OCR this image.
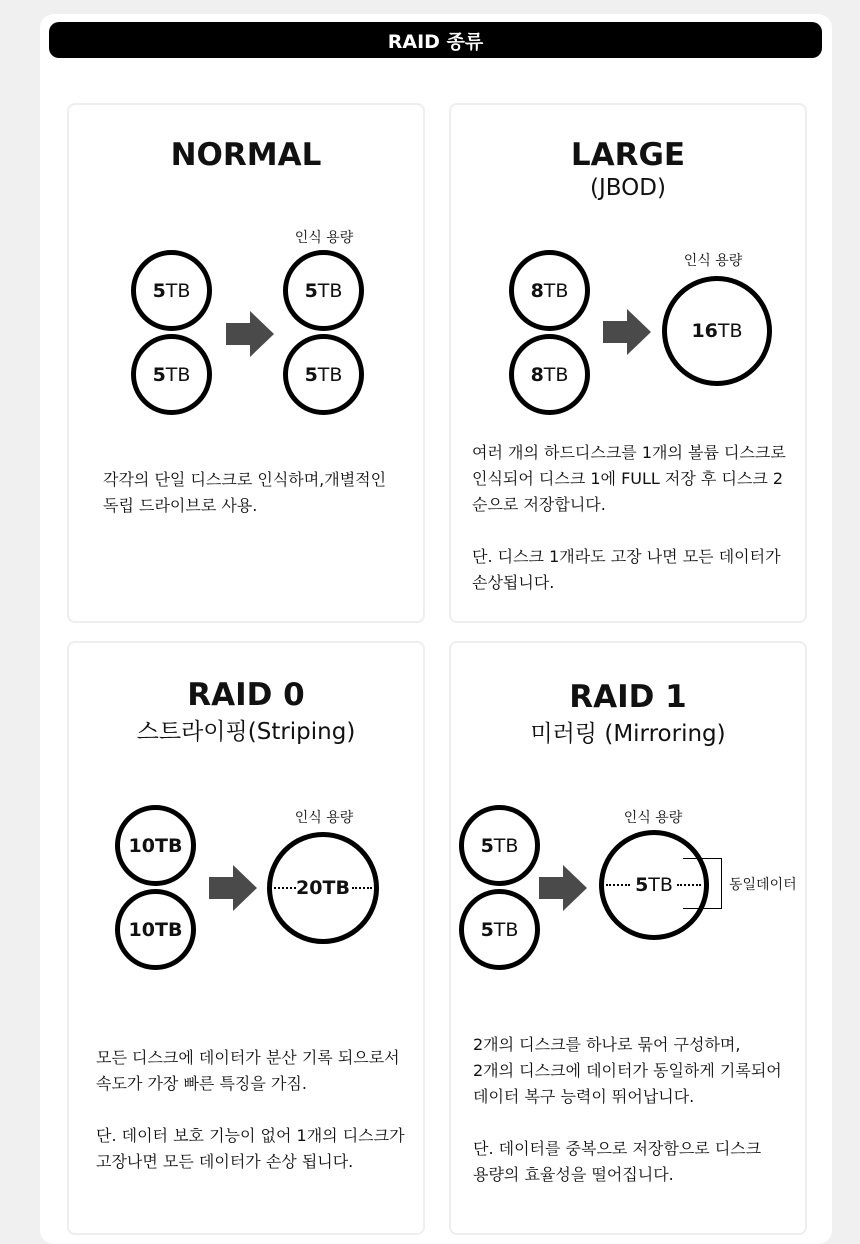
RAID 종류
NORMAL
인식 용량
5 TB
5 TB
5 TB
5 TB

각각의 단일 디스크로 인식하며,개별적인

독립 드라이브로 사용.

LARGE
(JBOD)
인식 용량
8 TB
8 TB
16 TB

여러 개의 하드디스크를 1개의 볼륨 디스크로

인식되어 디스크 1에 FULL 저장 후 디스크 2

순으로 저장합니다.

단. 디스크 1개라도 고장 나면 모든 데이터가

손상됩니다.

RAID 0
스트라이핑(Striping)
인식 용량
10 TB
10 TB
20 TB

모든 디스크에 데이터가 분산 기록 되으로서

속도가 가장 빠른 특징을 가짐.

단. 데이터 보호 기능이 없어 1개의 디스크가

고장나면 모든 데이터가 손상 됩니다.

RAID 1
미러링 (Mirroring)
인식 용량
5 TB
5 TB
5 TB	동일데이터

2개의 디스크를 하나로 묶어 구성하며,

2개의 디스크에 데이터가 동일하게 기록되어

데이터 복구 능력이 뛰어납니다.

단. 데이터를 중복으로 저장함으로 디스크

용량의 효율성을 떨어집니다.
